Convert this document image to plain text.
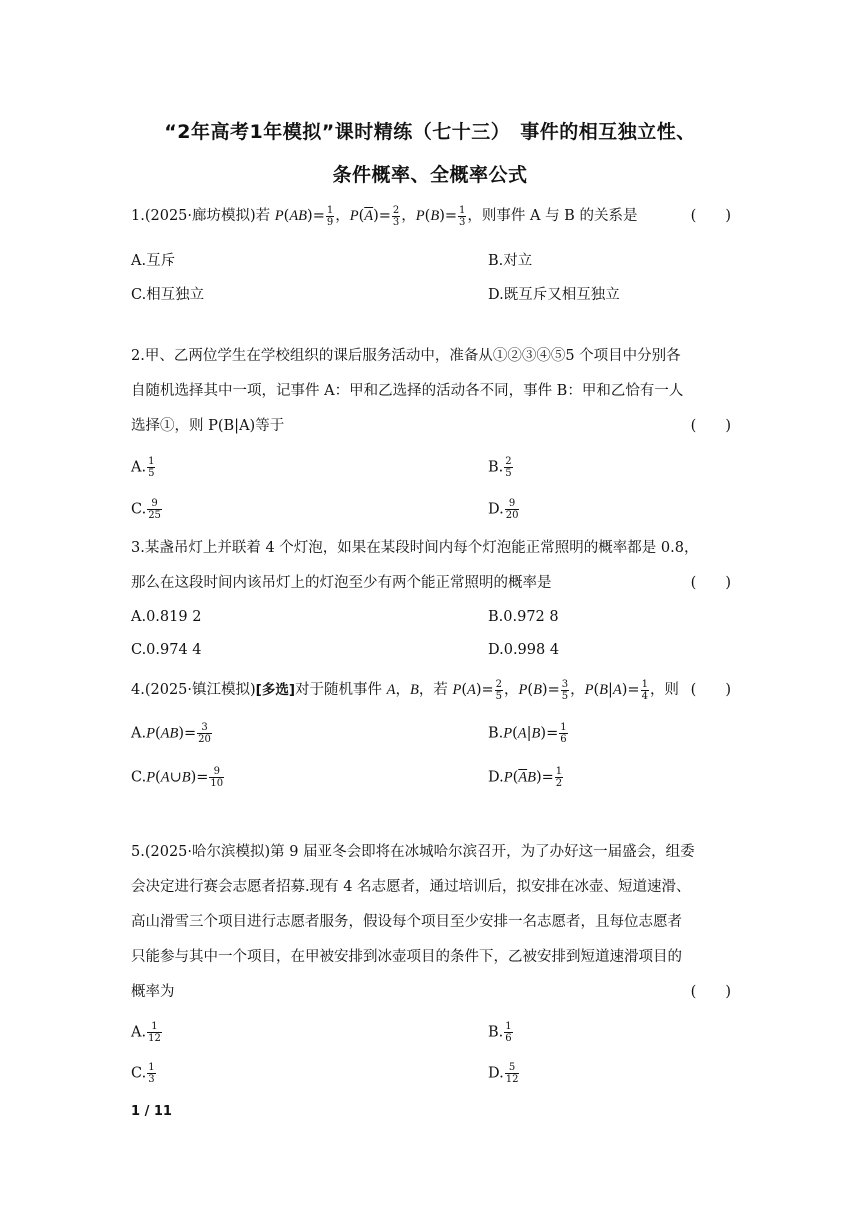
“2年高考1年模拟”课时精练（七十三）　事件的相互独立性、
条件概率、全概率公式
1.(2025·廊坊模拟)若 $P(AB)= \frac{1}{9}$ ，$P(\overline{A})= \frac{2}{3}$ ，$P(B)= \frac{1}{3}$ ，则事件 A 与 B 的关系是	(　　)
A.互斥	B.对立
C.相互独立	D.既互斥又相互独立
2.甲、乙两位学生在学校组织的课后服务活动中，准备从①②③④⑤5 个项目中分别各
自随机选择其中一项，记事件 A：甲和乙选择的活动各不同，事件 B：甲和乙恰有一人
选择①，则 P(B|A)等于	(　　)
A. $\frac{1}{5}$	B. $\frac{2}{5}$
C. $\frac{9}{25}$	D. $\frac{9}{20}$
3.某盏吊灯上并联着 4 个灯泡，如果在某段时间内每个灯泡能正常照明的概率都是 0.8，
那么在这段时间内该吊灯上的灯泡至少有两个能正常照明的概率是	(　　)
A.0.819 2	B.0.972 8
C.0.974 4	D.0.998 4
4.(2025·镇江模拟)[多选]对于随机事件 A，B，若 $P(A)= \frac{2}{5}$ ，$P(B)= \frac{3}{5}$ ，$P(B|A)= \frac{1}{4}$ ，则 (　　)
$A.P(AB)= \frac{3}{20}$	$B.P(A|B)= \frac{1}{6}$
C.P(A∪B)= $\frac{9}{10}$	$D.P(\overline{A}B)= \frac{1}{2}$
5.(2025·哈尔滨模拟)第 9 届亚冬会即将在冰城哈尔滨召开，为了办好这一届盛会，组委
会决定进行赛会志愿者招募.现有 4 名志愿者，通过培训后，拟安排在冰壶、短道速滑、
高山滑雪三个项目进行志愿者服务，假设每个项目至少安排一名志愿者，且每位志愿者
只能参与其中一个项目，在甲被安排到冰壶项目的条件下，乙被安排到短道速滑项目的
概率为	(　　)
A. $\frac{1}{12}$	B. $\frac{1}{6}$
C. $\frac{1}{3}$	D. $\frac{5}{12}$
1 / 11
